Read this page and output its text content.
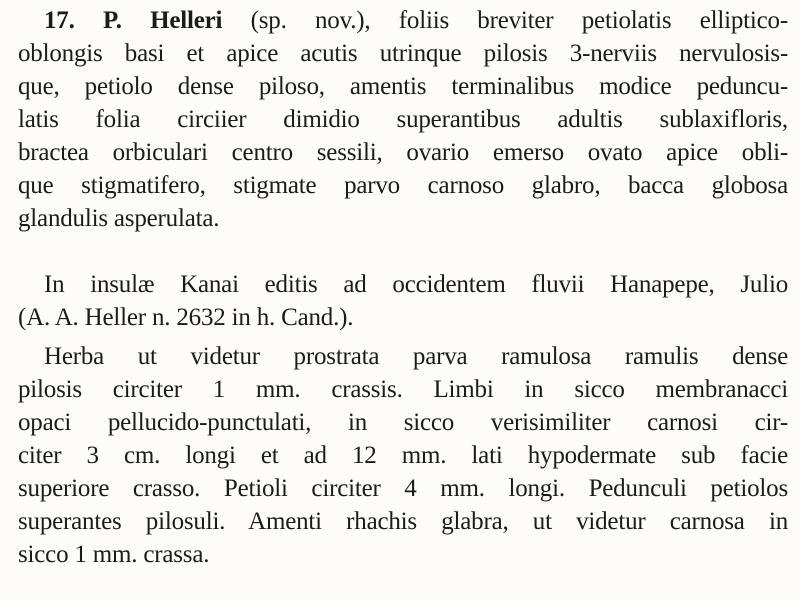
17. P. Helleri (sp. nov.), foliis breviter petiolatis elliptico-
oblongis basi et apice acutis utrinque pilosis 3-nerviis nervulosis-
que, petiolo dense piloso, amentis terminalibus modice peduncu-
latis folia circiier dimidio superantibus adultis sublaxifloris,
bractea orbiculari centro sessili, ovario emerso ovato apice obli-
que stigmatifero, stigmate parvo carnoso glabro, bacca globosa
glandulis asperulata.
In insulæ Kanai editis ad occidentem fluvii Hanapepe, Julio
(A. A. Heller n. 2632 in h. Cand.).
Herba ut videtur prostrata parva ramulosa ramulis dense
pilosis circiter 1 mm. crassis. Limbi in sicco membranacci
opaci pellucido-punctulati, in sicco verisimiliter carnosi cir-
citer 3 cm. longi et ad 12 mm. lati hypodermate sub facie
superiore crasso. Petioli circiter 4 mm. longi. Pedunculi petiolos
superantes pilosuli. Amenti rhachis glabra, ut videtur carnosa in
sicco 1 mm. crassa.
